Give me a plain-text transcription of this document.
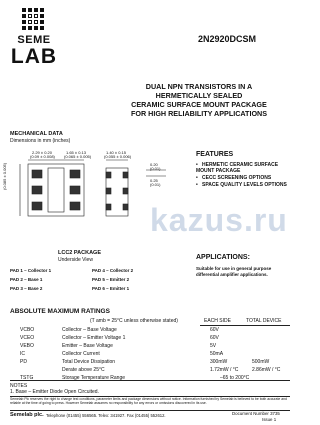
SEME
LAB
2N2920DCSM
DUAL NPN TRANSISTORS IN A
HERMETICALLY SEALED
CERAMIC SURFACE MOUNT PACKAGE
FOR HIGH RELIABILITY APPLICATIONS
MECHANICAL DATA
Dimensions in mm (inches)
2.29 ± 0.20
(0.09 ± 0.008)
1.65 ± 0.13
(0.065 ± 0.005)
1.40 ± 0.15
(0.055 ± 0.006)
0.20
(0.01)
0.25
(0.01)
(0.085 ± 0.005)
LCC2 PACKAGE
Underside View
PAD 1 – Collector 1	PAD 4 – Collector 2
PAD 2 – Base 1	PAD 5 – Emitter 2
PAD 3 – Base 2	PAD 6 – Emitter 1
FEATURES
• HERMETIC CERAMIC SURFACE MOUNT PACKAGE
• CECC SCREENING OPTIONS
• SPACE QUALITY LEVELS OPTIONS
kazus.ru
APPLICATIONS:
Suitable for use in general purpose differential amplifier applications.
ABSOLUTE MAXIMUM RATINGS
(T amb = 25°C unless otherwise stated)	EACH SIDE	TOTAL DEVICE
VCBO	Collector – Base Voltage	60V
VCEO	Collector – Emitter Voltage 1	60V
VEBO	Emitter – Base Voltage	5V
IC	Collector Current	50mA
PD	Total Device Dissipation	300mW	500mW
Derate above 25°C	1.72mW / °C	2.86mW / °C
TSTG	Storage Temperature Range	–65 to 200°C
NOTES
1. Base – Emitter Diode Open Circuited.
Semelab Plc reserves the right to change test conditions, parameter limits and package dimensions without notice. Information furnished by Semelab is believed to be both accurate and reliable at the time of going to press. However Semelab assumes no responsibility for any errors or omissions discovered in its use.
Semelab plc. Telephone (01455) 556565. Telex: 341927. Fax (01455) 552612.	Document Number 3735
Issue 1
